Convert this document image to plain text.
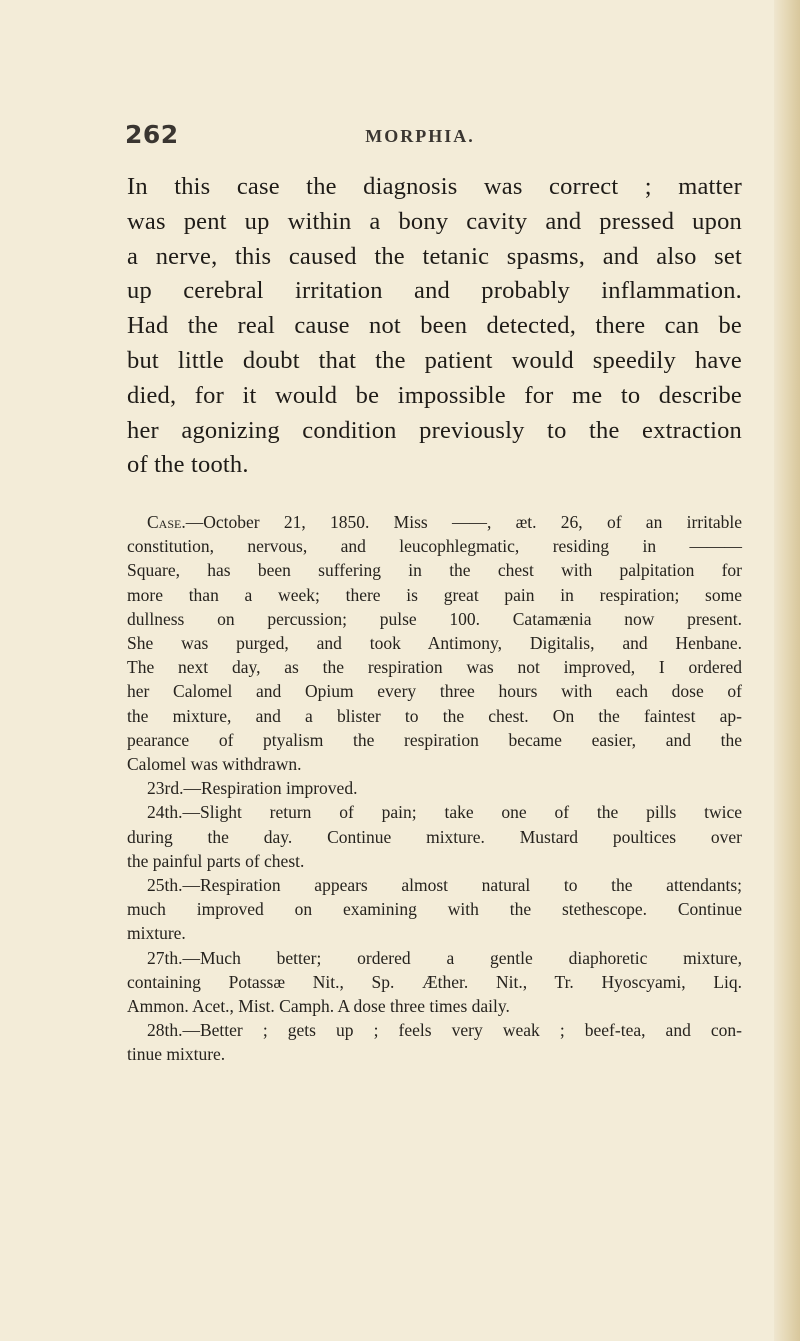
262	MORPHIA.
In this case the diagnosis was correct ; matter
was pent up within a bony cavity and pressed upon
a nerve, this caused the tetanic spasms, and also set
up cerebral irritation and probably inflammation.
Had the real cause not been detected, there can be
but little doubt that the patient would speedily have
died, for it would be impossible for me to describe
her agonizing condition previously to the extraction
of the tooth.
Case.—October 21, 1850. Miss ——, æt. 26, of an irritable
constitution, nervous, and leucophlegmatic, residing in ———
Square, has been suffering in the chest with palpitation for
more than a week; there is great pain in respiration; some
dullness on percussion; pulse 100. Catamænia now present.
She was purged, and took Antimony, Digitalis, and Henbane.
The next day, as the respiration was not improved, I ordered
her Calomel and Opium every three hours with each dose of
the mixture, and a blister to the chest. On the faintest ap-
pearance of ptyalism the respiration became easier, and the
Calomel was withdrawn.
23rd.—Respiration improved.
24th.—Slight return of pain; take one of the pills twice
during the day. Continue mixture. Mustard poultices over
the painful parts of chest.
25th.—Respiration appears almost natural to the attendants;
much improved on examining with the stethescope. Continue
mixture.
27th.—Much better; ordered a gentle diaphoretic mixture,
containing Potassæ Nit., Sp. Æther. Nit., Tr. Hyoscyami, Liq.
Ammon. Acet., Mist. Camph. A dose three times daily.
28th.—Better ; gets up ; feels very weak ; beef-tea, and con-
tinue mixture.
